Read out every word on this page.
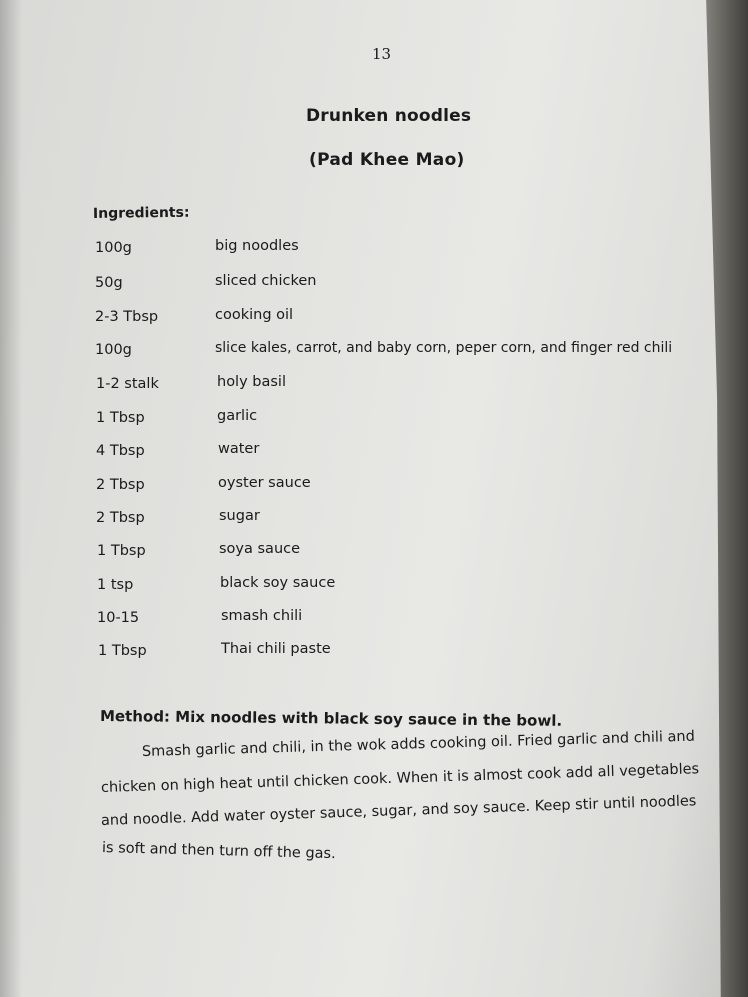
13
Drunken noodles
(Pad Khee Mao)
Ingredients:
100g	big noodles
50g	sliced chicken
2-3 Tbsp	cooking oil
100g	slice kales, carrot, and baby corn, peper corn, and finger red chili
1-2 stalk	holy basil
1 Tbsp	garlic
4 Tbsp	water
2 Tbsp	oyster sauce
2 Tbsp	sugar
1 Tbsp	soya sauce
1 tsp	black soy sauce
10-15	smash chili
1 Tbsp	Thai chili paste
Method: Mix noodles with black soy sauce in the bowl.
Smash garlic and chili, in the wok adds cooking oil. Fried garlic and chili and
chicken on high heat until chicken cook. When it is almost cook add all vegetables
and noodle. Add water oyster sauce, sugar, and soy sauce. Keep stir until noodles
is soft and then turn off the gas.
